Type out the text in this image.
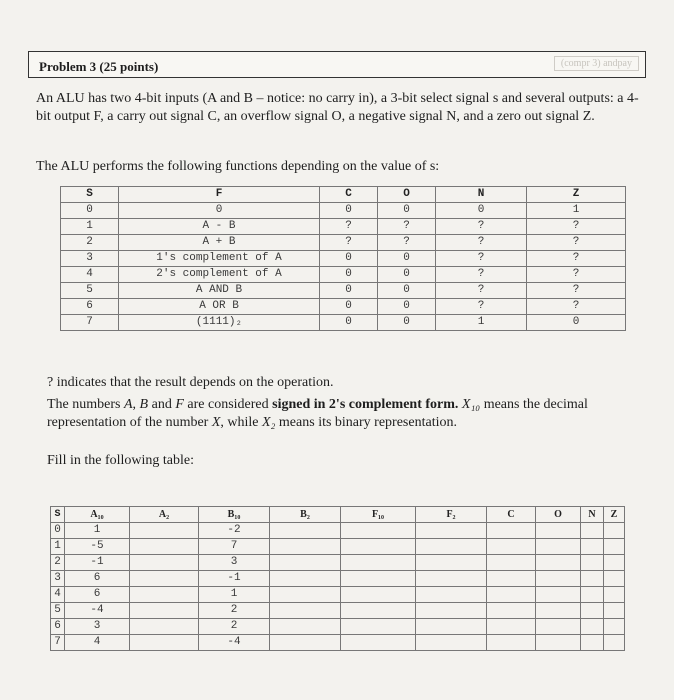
Problem 3 (25 points)	(compr 3) andpay
An ALU has two 4-bit inputs (A and B – notice: no carry in), a 3-bit select signal s and several outputs: a 4-bit output F, a carry out signal C, an overflow signal O, a negative signal N, and a zero out signal Z.
The ALU performs the following functions depending on the value of s:
S	F	C	O	N	Z
0	0	0	0	0	1
1	A - B	?	?	?	?
2	A + B	?	?	?	?
3	1's complement of A	0	0	?	?
4	2's complement of A	0	0	?	?
5	A AND B	0	0	?	?
6	A OR B	0	0	?	?
7	(1111)₂	0	0	1	0
? indicates that the result depends on the operation.
The numbers A, B and F are considered signed in 2's complement form. X₁₀ means the decimal representation of the number X, while X₂ means its binary representation.
Fill in the following table:
S	A₁₀	A₂	B₁₀	B₂	F₁₀	F₂	C	O	N	Z
0	1		-2							
1	-5		7							
2	-1		3							
3	6		-1							
4	6		1							
5	-4		2							
6	3		2							
7	4		-4							
